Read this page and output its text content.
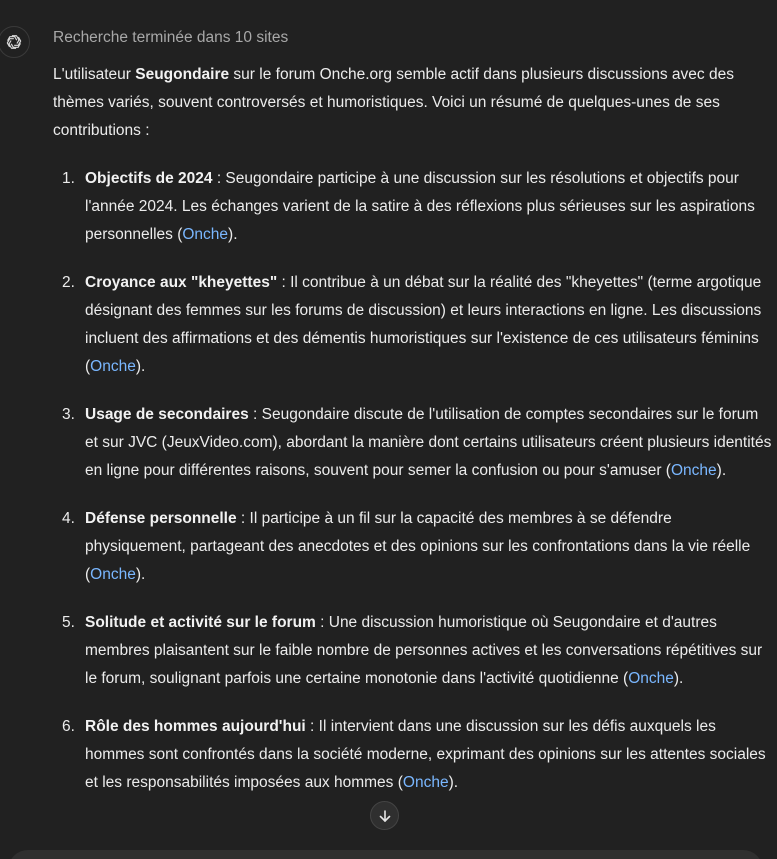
Recherche terminée dans 10 sites

L'utilisateur Seugondaire sur le forum Onche.org semble actif dans plusieurs discussions avec des thèmes variés, souvent controversés et humoristiques. Voici un résumé de quelques-unes de ses contributions :

1. Objectifs de 2024 : Seugondaire participe à une discussion sur les résolutions et objectifs pour l'année 2024. Les échanges varient de la satire à des réflexions plus sérieuses sur les aspirations personnelles (Onche).
2. Croyance aux "kheyettes" : Il contribue à un débat sur la réalité des "kheyettes" (terme argotique désignant des femmes sur les forums de discussion) et leurs interactions en ligne. Les discussions incluent des affirmations et des démentis humoristiques sur l'existence de ces utilisateurs féminins (Onche).
3. Usage de secondaires : Seugondaire discute de l'utilisation de comptes secondaires sur le forum et sur JVC (JeuxVideo.com), abordant la manière dont certains utilisateurs créent plusieurs identités en ligne pour différentes raisons, souvent pour semer la confusion ou pour s'amuser (Onche).
4. Défense personnelle : Il participe à un fil sur la capacité des membres à se défendre physiquement, partageant des anecdotes et des opinions sur les confrontations dans la vie réelle (Onche).
5. Solitude et activité sur le forum : Une discussion humoristique où Seugondaire et d'autres membres plaisantent sur le faible nombre de personnes actives et les conversations répétitives sur le forum, soulignant parfois une certaine monotonie dans l'activité quotidienne (Onche).
6. Rôle des hommes aujourd'hui : Il intervient dans une discussion sur les défis auxquels les hommes sont confrontés dans la société moderne, exprimant des opinions sur les attentes sociales et les responsabilités imposées aux hommes (Onche).
